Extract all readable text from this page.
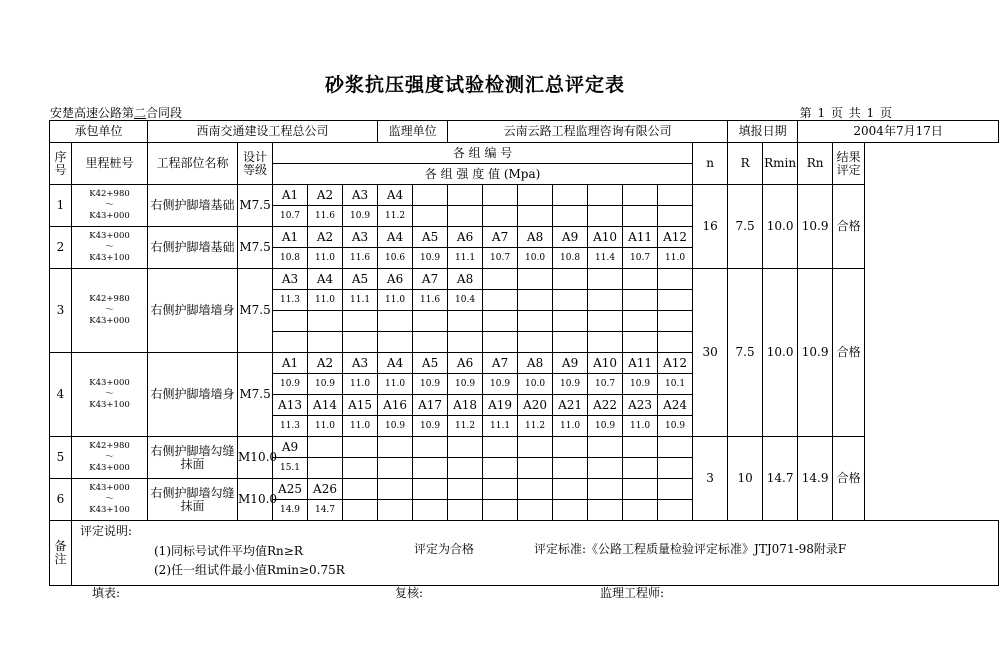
砂浆抗压强度试验检测汇总评定表
安楚高速公路第二合同段	第 1 页 共 1 页
承包单位		西南交通建设工程总公司					监理单位		云南云路工程监理咨询有限公司								填报日期		2004年7月17日	
序号	里程桩号	工程部位名称	设计等级	各 组 编 号												n	R	Rmin	Rn	结果评定
				各 组 强 度 值 (Mpa)																
1	K42+980
～
K43+000	右侧护脚墙基础	M7.5	A1	A2	A3	A4									16	7.5	10.0	10.9	合格
				10.7	11.6	10.9	11.2													
2	K43+000
～
K43+100	右侧护脚墙基础	M7.5	A1	A2	A3	A4	A5	A6	A7	A8	A9	A10	A11	A12					
				10.8	11.0	11.6	10.6	10.9	11.1	10.7	10.0	10.8	11.4	10.7	11.0					
3	K42+980
～
K43+000	右侧护脚墙墙身	M7.5	A3	A4	A5	A6	A7	A8							30	7.5	10.0	10.9	合格
				11.3	11.0	11.1	11.0	11.6	10.4											

4	K43+000
～
K43+100	右侧护脚墙墙身	M7.5	A1	A2	A3	A4	A5	A6	A7	A8	A9	A10	A11	A12					
				10.9	10.9	11.0	11.0	10.9	10.9	10.9	10.0	10.9	10.7	10.9	10.1					
				A13	A14	A15	A16	A17	A18	A19	A20	A21	A22	A23	A24					
				11.3	11.0	11.0	10.9	10.9	11.2	11.1	11.2	11.0	10.9	11.0	10.9					
5	K42+980
～
K43+000	右侧护脚墙勾缝抹面	M10.0	A9												3	10	14.7	14.9	合格
				15.1																
6	K43+000
～
K43+100	右侧护脚墙勾缝抹面	M10.0	A25	A26															
				14.9	14.7															
备注	评定说明:
(1)同标号试件平均值Rn≥R 评定为合格 评定标准:《公路工程质量检验评定标准》JTJ071-98附录F
(2)任一组试件最小值Rmin≥0.75R																			
填表:	复核:	监理工程师:
